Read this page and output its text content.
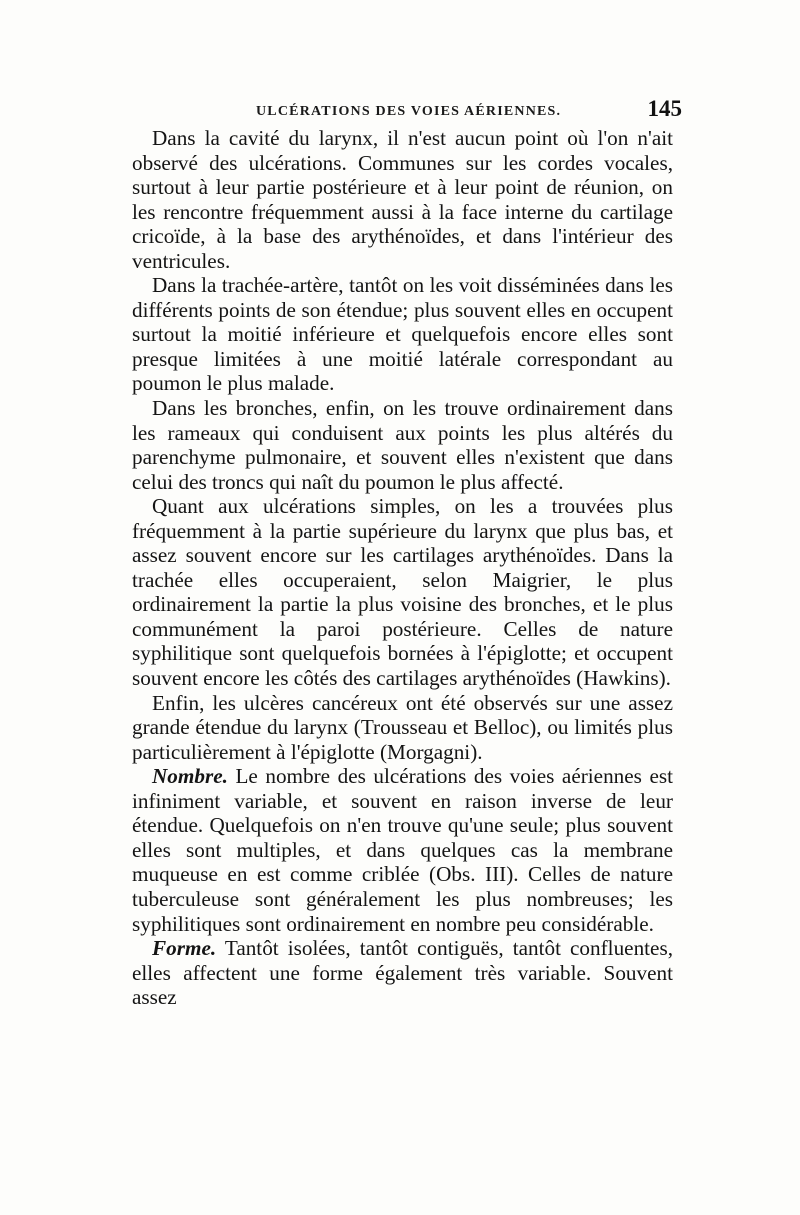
ULCÉRATIONS DES VOIES AÉRIENNES.	145

Dans la cavité du larynx, il n'est aucun point où l'on n'ait observé des ulcérations. Communes sur les cordes vocales, surtout à leur partie postérieure et à leur point de réunion, on les rencontre fréquemment aussi à la face interne du cartilage cricoïde, à la base des arythénoïdes, et dans l'intérieur des ventricules.

Dans la trachée-artère, tantôt on les voit disséminées dans les différents points de son étendue; plus souvent elles en occupent surtout la moitié inférieure et quelquefois encore elles sont presque limitées à une moitié latérale correspondant au poumon le plus malade.

Dans les bronches, enfin, on les trouve ordinairement dans les rameaux qui conduisent aux points les plus altérés du parenchyme pulmonaire, et souvent elles n'existent que dans celui des troncs qui naît du poumon le plus affecté.

Quant aux ulcérations simples, on les a trouvées plus fréquemment à la partie supérieure du larynx que plus bas, et assez souvent encore sur les cartilages arythénoïdes. Dans la trachée elles occuperaient, selon Maigrier, le plus ordinairement la partie la plus voisine des bronches, et le plus communément la paroi postérieure. Celles de nature syphilitique sont quelquefois bornées à l'épiglotte; et occupent souvent encore les côtés des cartilages arythénoïdes (Hawkins).

Enfin, les ulcères cancéreux ont été observés sur une assez grande étendue du larynx (Trousseau et Belloc), ou limités plus particulièrement à l'épiglotte (Morgagni).

Nombre. Le nombre des ulcérations des voies aériennes est infiniment variable, et souvent en raison inverse de leur étendue. Quelquefois on n'en trouve qu'une seule; plus souvent elles sont multiples, et dans quelques cas la membrane muqueuse en est comme criblée (Obs. III). Celles de nature tuberculeuse sont généralement les plus nombreuses; les syphilitiques sont ordinairement en nombre peu considérable.

Forme. Tantôt isolées, tantôt contiguës, tantôt confluentes, elles affectent une forme également très variable. Souvent assez
